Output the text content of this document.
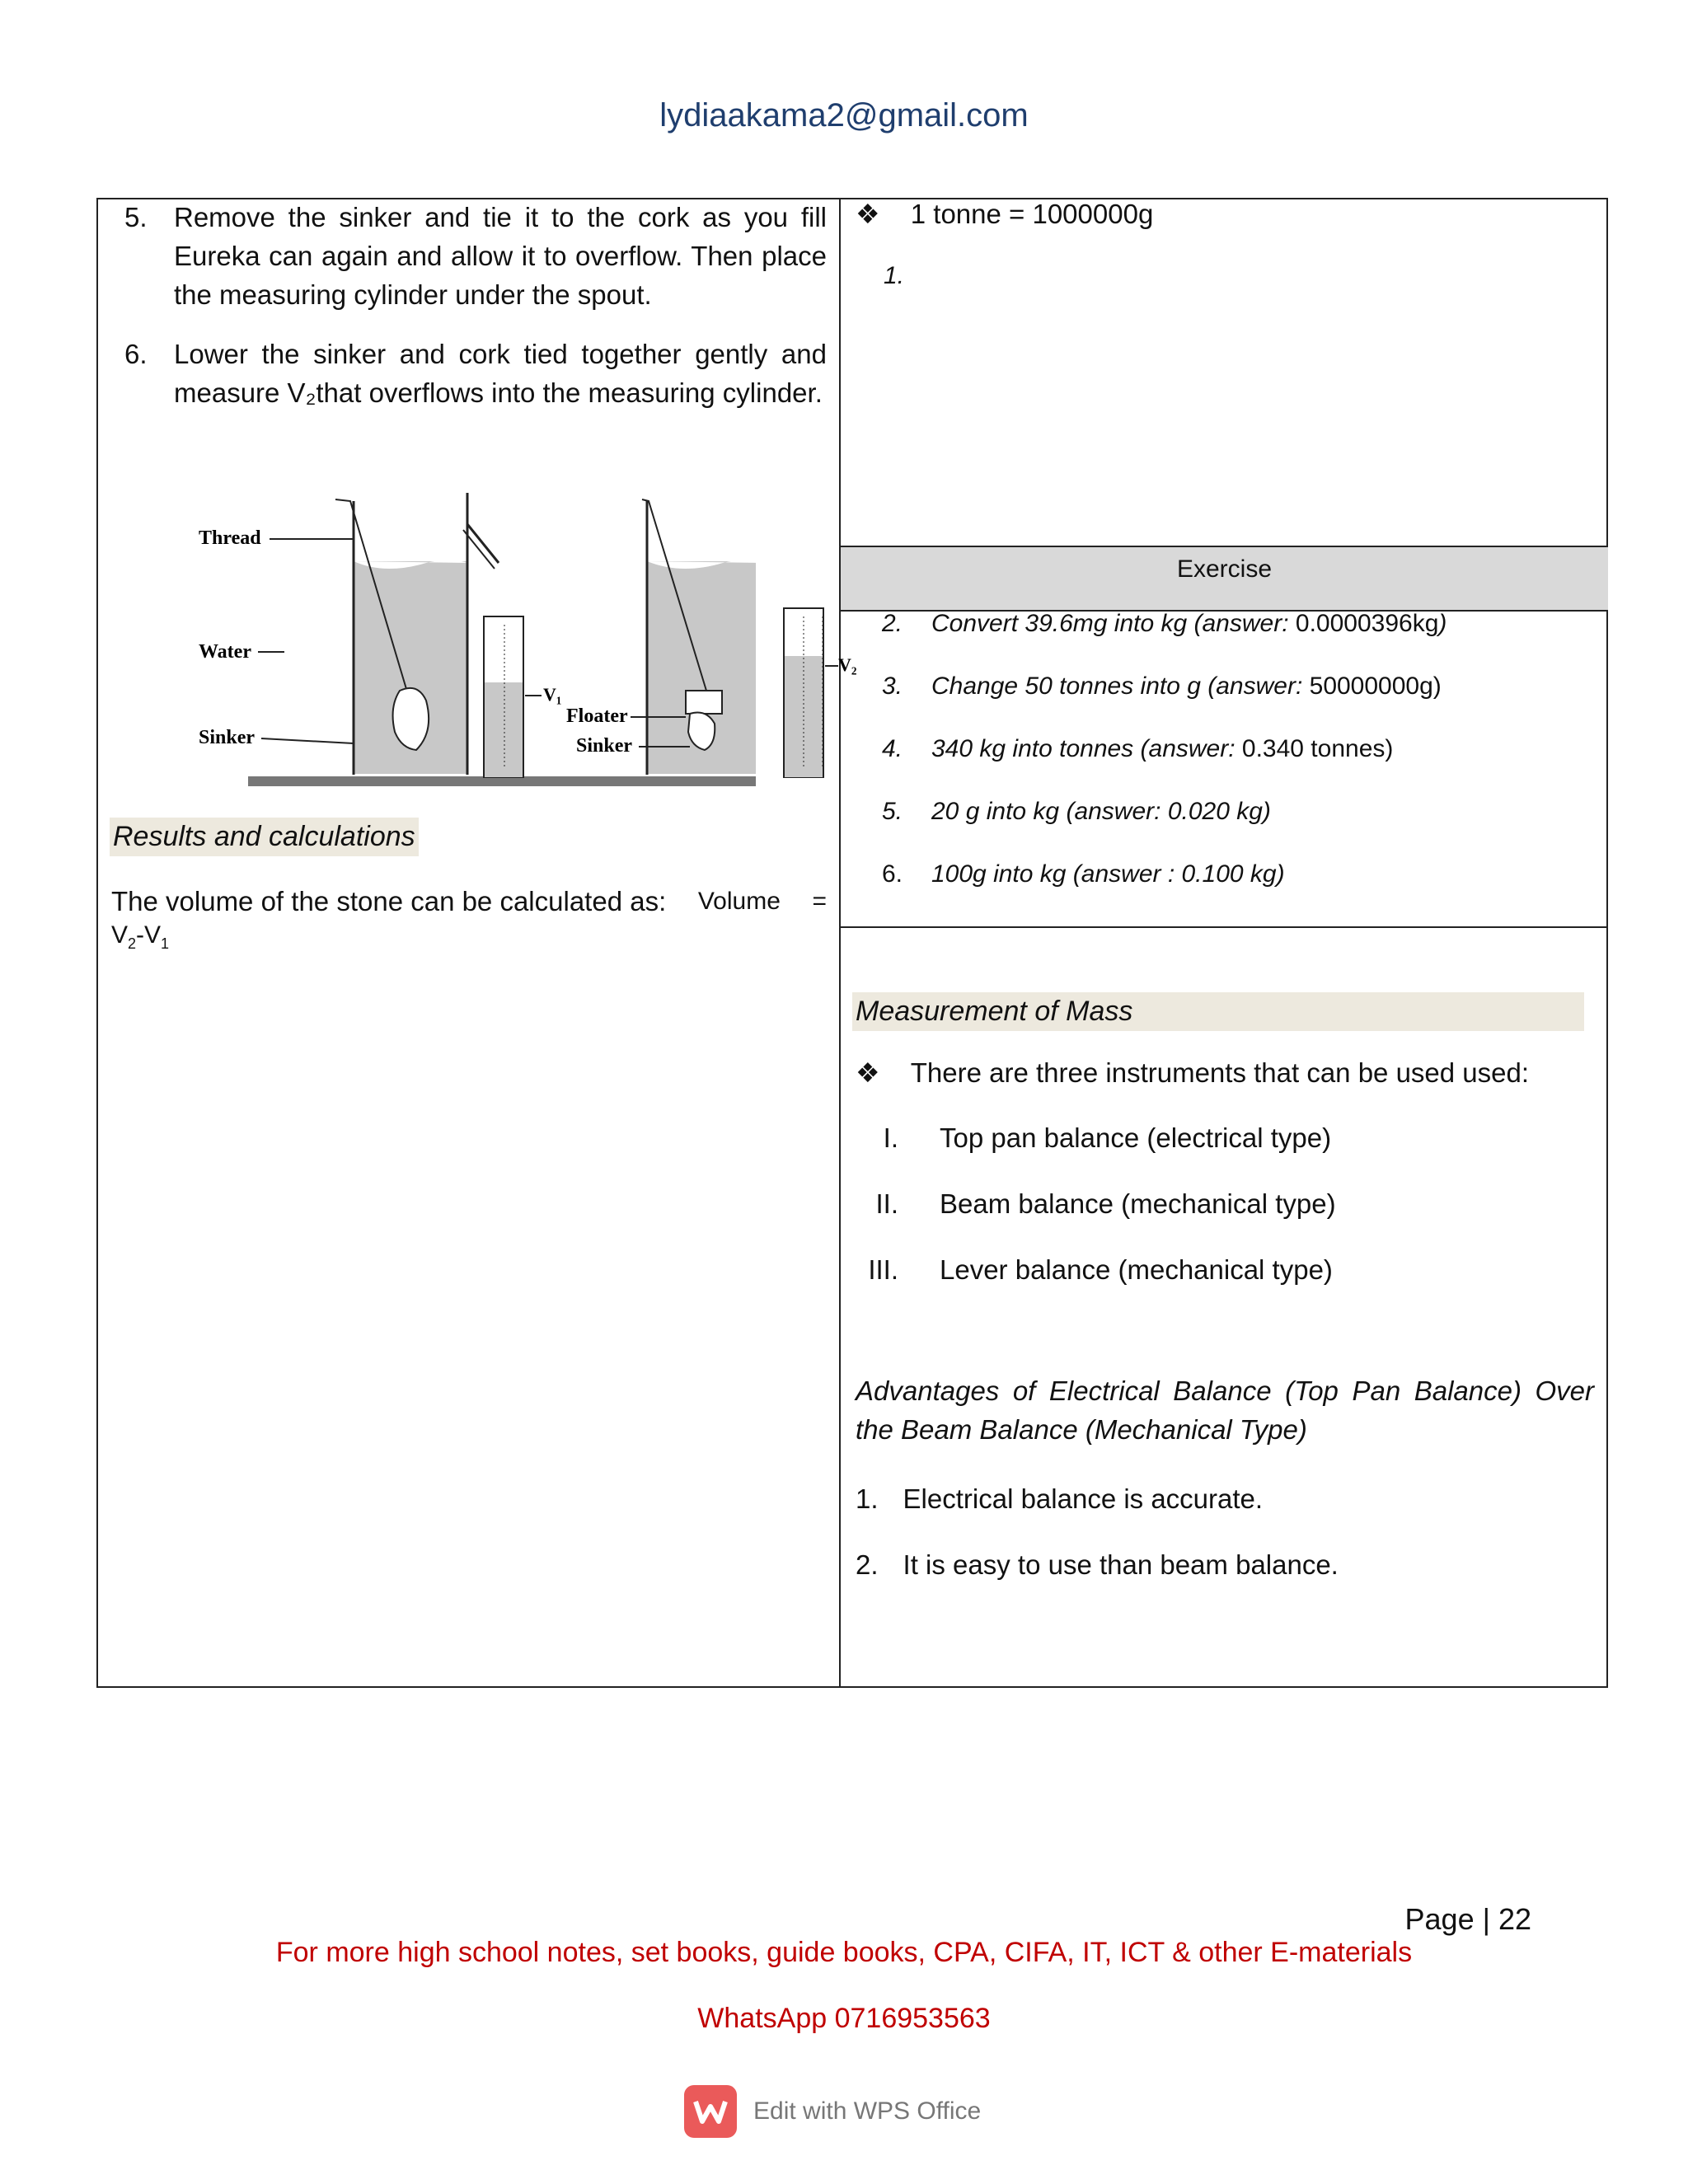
lydiaakama2@gmail.com
5. Remove the sinker and tie it to the cork as you fill Eureka can again and allow it to overflow. Then place the measuring cylinder under the spout.
6. Lower the sinker and cork tied together gently and measure V₂that overflows into the measuring cylinder.
Thread
Water
Sinker
V₁
Floater
Sinker
V₂
Results and calculations
The volume of the stone can be calculated as: Volume =
$V_2-V_1$
❖ 1 tonne = 1000000g
1.
Exercise
2. Convert 39.6mg into kg (answer: 0.0000396kg)
3. Change 50 tonnes into g (answer: 50000000g)
4. 340 kg into tonnes (answer: 0.340 tonnes)
5. 20 g into kg (answer: 0.020 kg)
6. 100g into kg (answer : 0.100 kg)
Measurement of Mass
❖ There are three instruments that can be used used:
I. Top pan balance (electrical type)
II. Beam balance (mechanical type)
III. Lever balance (mechanical type)
Advantages of Electrical Balance (Top Pan Balance) Over
the Beam Balance (Mechanical Type)
1. Electrical balance is accurate.
2. It is easy to use than beam balance.
Page | 22
For more high school notes, set books, guide books, CPA, CIFA, IT, ICT & other E-materials
WhatsApp 0716953563
Edit with WPS Office
